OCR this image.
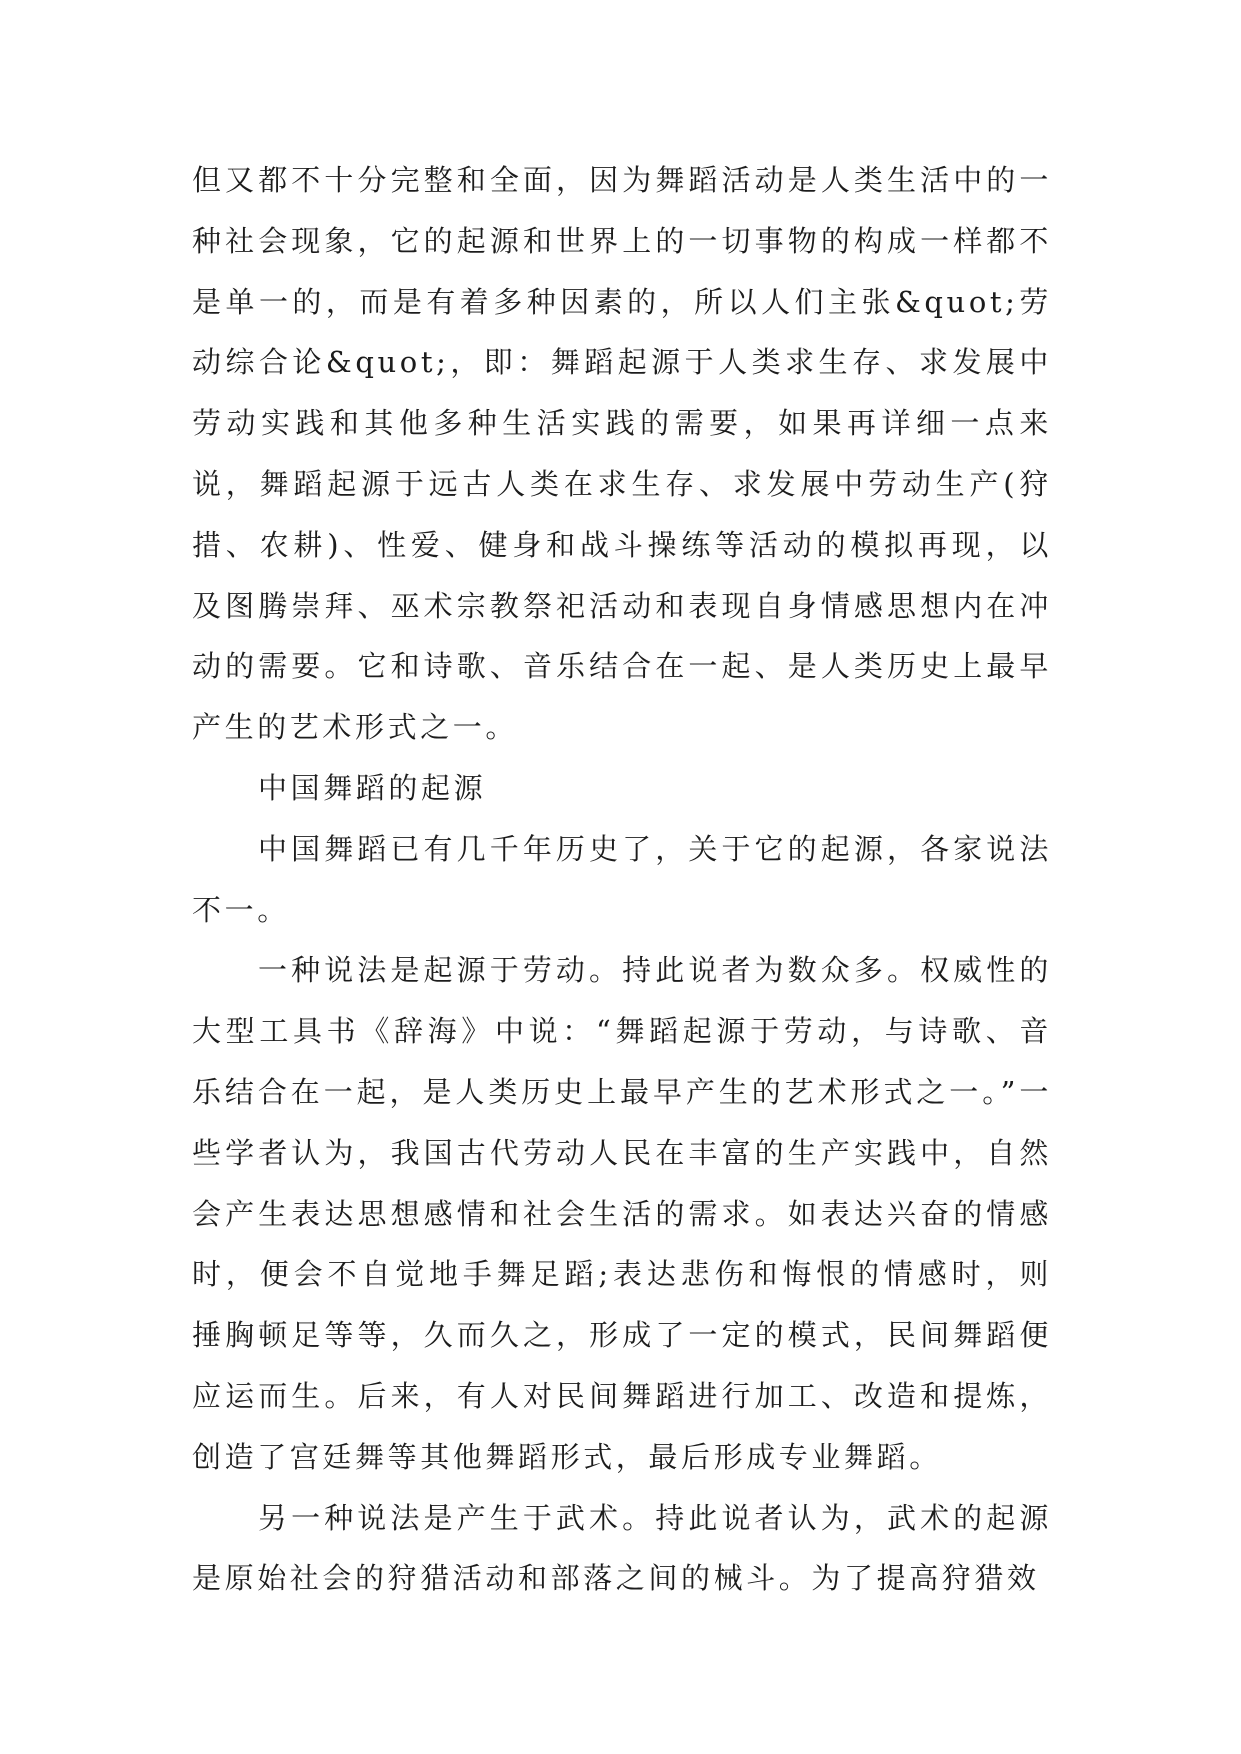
但又都不十分完整和全面，因为舞蹈活动是人类生活中的一种社会现象，它的起源和世界上的一切事物的构成一样都不是单一的，而是有着多种因素的，所以人们主张&quot;劳动综合论&quot;，即：舞蹈起源于人类求生存、求发展中劳动实践和其他多种生活实践的需要，如果再详细一点来说，舞蹈起源于远古人类在求生存、求发展中劳动生产(狩措、农耕)、性爱、健身和战斗操练等活动的模拟再现，以及图腾崇拜、巫术宗教祭祀活动和表现自身情感思想内在冲动的需要。它和诗歌、音乐结合在一起、是人类历史上最早产生的艺术形式之一。

中国舞蹈的起源

中国舞蹈已有几千年历史了，关于它的起源，各家说法不一。

一种说法是起源于劳动。持此说者为数众多。权威性的大型工具书《辞海》中说：“舞蹈起源于劳动，与诗歌、音乐结合在一起，是人类历史上最早产生的艺术形式之一。”一些学者认为，我国古代劳动人民在丰富的生产实践中，自然会产生表达思想感情和社会生活的需求。如表达兴奋的情感时，便会不自觉地手舞足蹈;表达悲伤和悔恨的情感时，则捶胸顿足等等，久而久之，形成了一定的模式，民间舞蹈便应运而生。后来，有人对民间舞蹈进行加工、改造和提炼，创造了宫廷舞等其他舞蹈形式，最后形成专业舞蹈。

另一种说法是产生于武术。持此说者认为，武术的起源是原始社会的狩猎活动和部落之间的械斗。为了提高狩猎效
